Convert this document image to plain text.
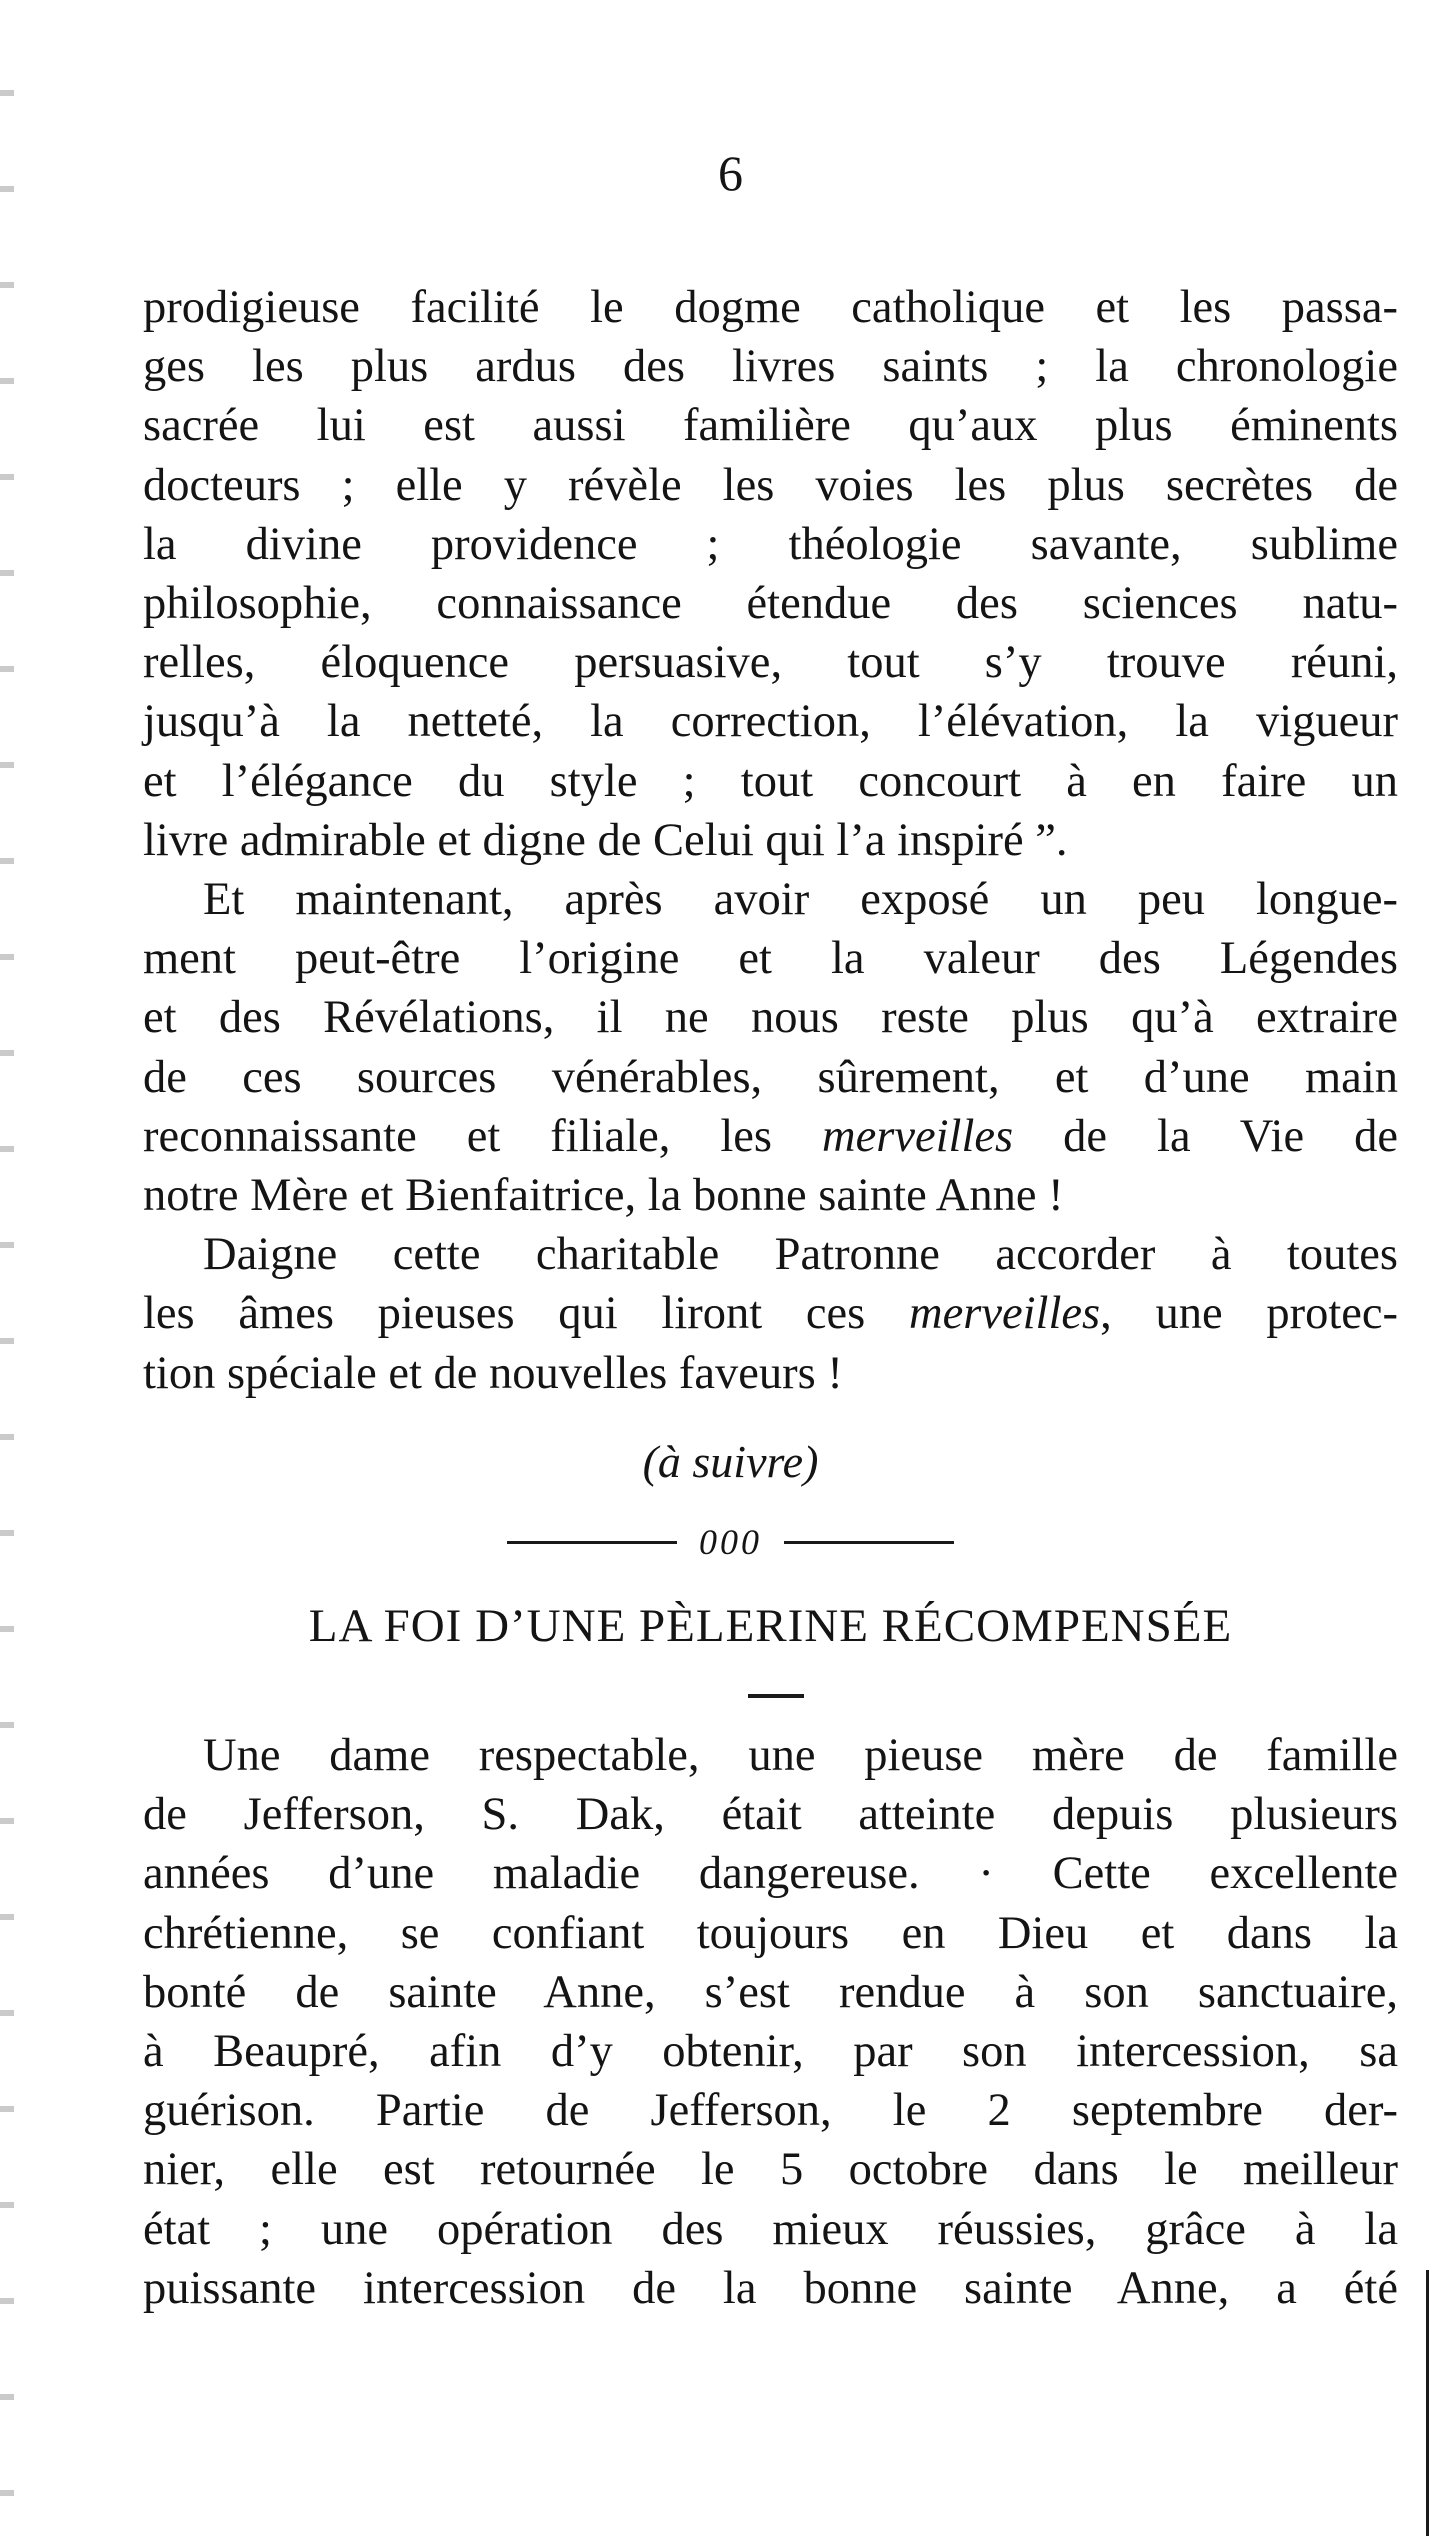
6

prodigieuse facilité le dogme catholique et les passa-

ges les plus ardus des livres saints ; la chronologie

sacrée lui est aussi familière qu’aux plus éminents

docteurs ; elle y révèle les voies les plus secrètes de

la divine providence ; théologie savante, sublime

philosophie, connaissance étendue des sciences natu-

relles, éloquence persuasive, tout s’y trouve réuni,

jusqu’à la netteté, la correction, l’élévation, la vigueur

et l’élégance du style ; tout concourt à en faire un

livre admirable et digne de Celui qui l’a inspiré ”.

Et maintenant, après avoir exposé un peu longue-

ment peut-être l’origine et la valeur des Légendes

et des Révélations, il ne nous reste plus qu’à extraire

de ces sources vénérables, sûrement, et d’une main

reconnaissante et filiale, les merveilles de la Vie de

notre Mère et Bienfaitrice, la bonne sainte Anne !

Daigne cette charitable Patronne accorder à toutes

les âmes pieuses qui liront ces merveilles, une protec-

tion spéciale et de nouvelles faveurs !

(à suivre)
000
LA FOI D’UNE PÈLERINE RÉCOMPENSÉE

Une dame respectable, une pieuse mère de famille

de Jefferson, S. Dak, était atteinte depuis plusieurs

années d’une maladie dangereuse. · Cette excellente

chrétienne, se confiant toujours en Dieu et dans la

bonté de sainte Anne, s’est rendue à son sanctuaire,

à Beaupré, afin d’y obtenir, par son intercession, sa

guérison. Partie de Jefferson, le 2 septembre der-

nier, elle est retournée le 5 octobre dans le meilleur

état ; une opération des mieux réussies, grâce à la

puissante intercession de la bonne sainte Anne, a été
